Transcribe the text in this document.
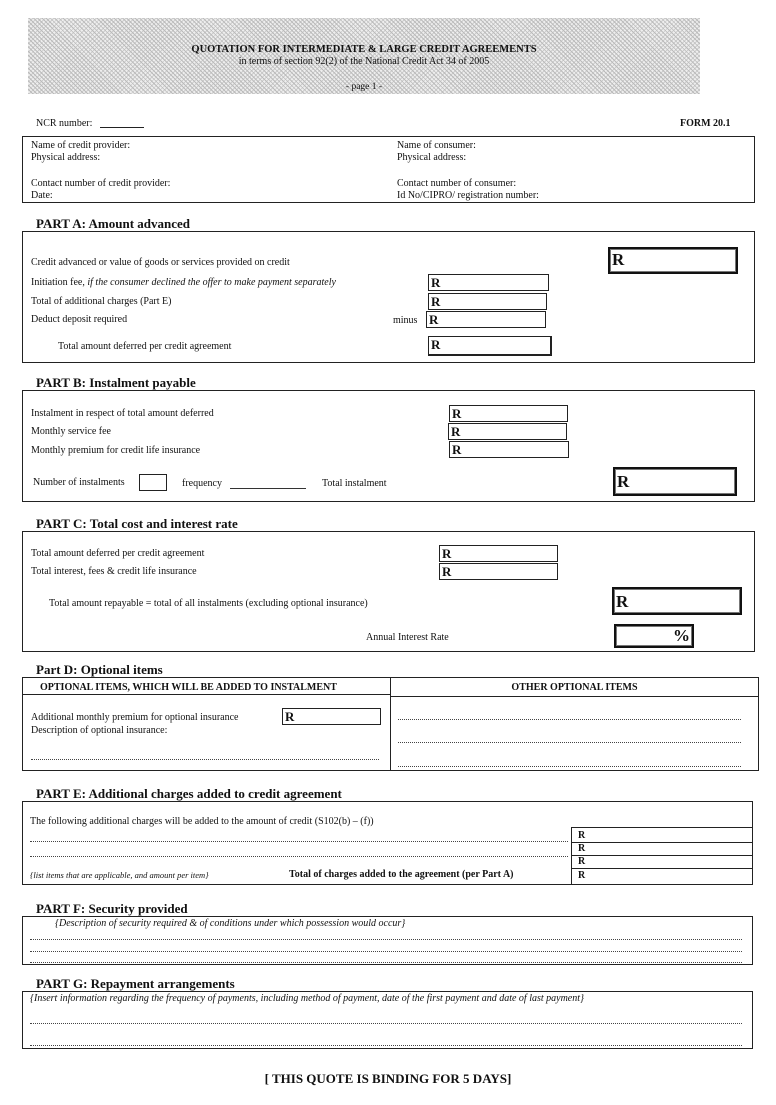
QUOTATION FOR INTERMEDIATE & LARGE CREDIT AGREEMENTS
in terms of section 92(2) of the National Credit Act 34 of 2005
- page 1 -
NCR number:	FORM 20.1
Name of credit provider:
Physical address:
Contact number of credit provider:
Date:
Name of consumer:
Physical address:
Contact number of consumer:
Id No/CIPRO/ registration number:
PART A: Amount advanced
Credit advanced or value of goods or services provided on credit	R
Initiation fee, if the consumer declined the offer to make payment separately	R
Total of additional charges (Part E)	R
Deduct deposit required	minus R
Total amount deferred per credit agreement	R
PART B: Instalment payable
Instalment in respect of total amount deferred	R
Monthly service fee	R
Monthly premium for credit life insurance	R
Number of instalments	frequency	Total instalment	R
PART C: Total cost and interest rate
Total amount deferred per credit agreement	R
Total interest, fees & credit life insurance	R
Total amount repayable = total of all instalments (excluding optional insurance)	R
Annual Interest Rate	%
Part D: Optional items
OPTIONAL ITEMS, WHICH WILL BE ADDED TO INSTALMENT	OTHER OPTIONAL ITEMS
Additional monthly premium for optional insurance	R
Description of optional insurance:
PART E: Additional charges added to credit agreement
The following additional charges will be added to the amount of credit (S102(b) – (f))
R
R
R
R
{list items that are applicable, and amount per item}	Total of charges added to the agreement (per Part A)
PART F: Security provided
{Description of security required & of conditions under which possession would occur}
PART G: Repayment arrangements
{Insert information regarding the frequency of payments, including method of payment, date of the first payment and date of last payment}
[ THIS QUOTE IS BINDING FOR 5 DAYS]
